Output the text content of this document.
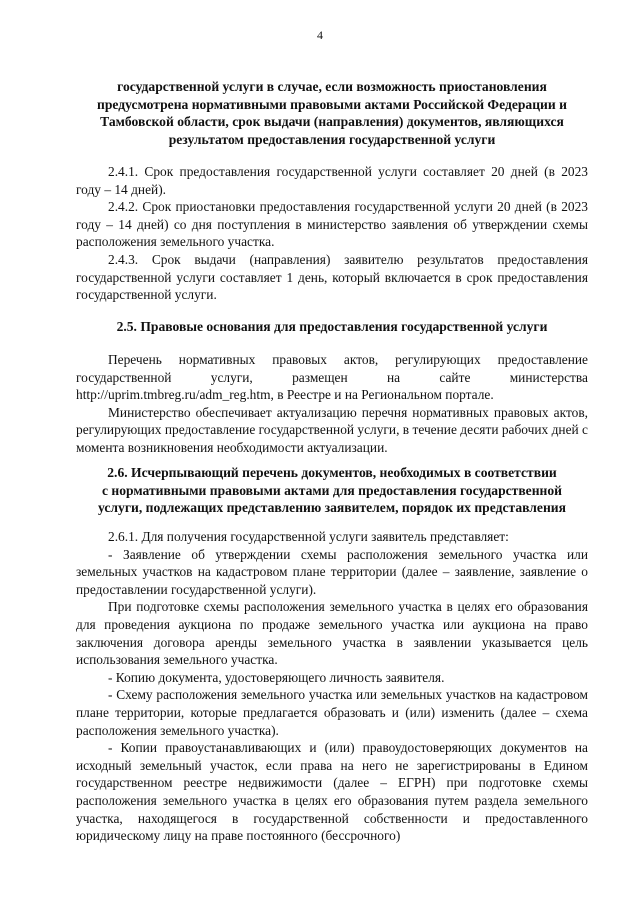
4
государственной услуги в случае, если возможность приостановления
предусмотрена нормативными правовыми актами Российской Федерации и
Тамбовской области, срок выдачи (направления) документов, являющихся
результатом предоставления государственной услуги

2.4.1. Срок предоставления государственной услуги составляет 20 дней (в 2023 году – 14 дней).

2.4.2. Срок приостановки предоставления государственной услуги 20 дней (в 2023 году – 14 дней) со дня поступления в министерство заявления об утверждении схемы расположения земельного участка.

2.4.3. Срок выдачи (направления) заявителю результатов предоставления государственной услуги составляет 1 день, который включается в срок предоставления государственной услуги.

2.5. Правовые основания для предоставления государственной услуги

Перечень нормативных правовых актов, регулирующих предоставление государственной услуги, размещен на сайте министерства http://uprim.tmbreg.ru/adm_reg.htm, в Реестре и на Региональном портале.

Министерство обеспечивает актуализацию перечня нормативных правовых актов, регулирующих предоставление государственной услуги, в течение десяти рабочих дней с момента возникновения необходимости актуализации.

2.6. Исчерпывающий перечень документов, необходимых в соответствии
с нормативными правовыми актами для предоставления государственной
услуги, подлежащих представлению заявителем, порядок их представления

2.6.1. Для получения государственной услуги заявитель представляет:

- Заявление об утверждении схемы расположения земельного участка или земельных участков на кадастровом плане территории (далее – заявление, заявление о предоставлении государственной услуги).

При подготовке схемы расположения земельного участка в целях его образования для проведения аукциона по продаже земельного участка или аукциона на право заключения договора аренды земельного участка в заявлении указывается цель использования земельного участка.

- Копию документа, удостоверяющего личность заявителя.

- Схему расположения земельного участка или земельных участков на кадастровом плане территории, которые предлагается образовать и (или) изменить (далее – схема расположения земельного участка).

- Копии правоустанавливающих и (или) правоудостоверяющих документов на исходный земельный участок, если права на него не зарегистрированы в Едином государственном реестре недвижимости (далее – ЕГРН) при подготовке схемы расположения земельного участка в целях его образования путем раздела земельного участка, находящегося в государственной собственности и предоставленного юридическому лицу на праве постоянного (бессрочного)
